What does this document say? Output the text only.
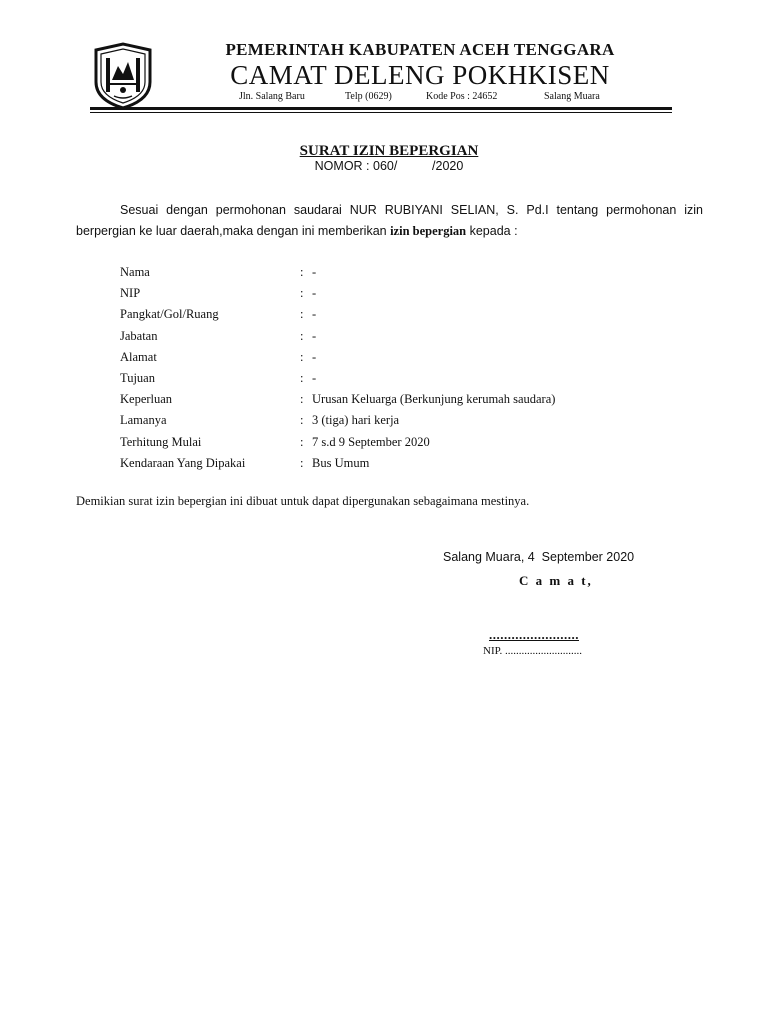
PEMERINTAH KABUPATEN ACEH TENGGARA
CAMAT DELENG POKHKISEN
Jln. Salang Baru	Telp (0629)	Kode Pos : 24652	Salang Muara
SURAT IZIN BEPERGIAN
NOMOR : 060/          /2020
Sesuai dengan permohonan saudarai NUR RUBIYANI SELIAN, S. Pd.I tentang permohonan izin berpergian ke luar daerah,maka dengan ini memberikan izin bepergian kepada :
Nama	: -
NIP	: -
Pangkat/Gol/Ruang	: -
Jabatan	: -
Alamat	: -
Tujuan	: -
Keperluan	: Urusan Keluarga (Berkunjung kerumah saudara)
Lamanya	: 3 (tiga) hari kerja
Terhitung Mulai	: 7 s.d 9 September 2020
Kendaraan Yang Dipakai	: Bus Umum
Demikian surat izin bepergian ini dibuat untuk dapat dipergunakan sebagaimana mestinya.
Salang Muara, 4  September 2020
C a m a t,
........................
NIP. ............................
